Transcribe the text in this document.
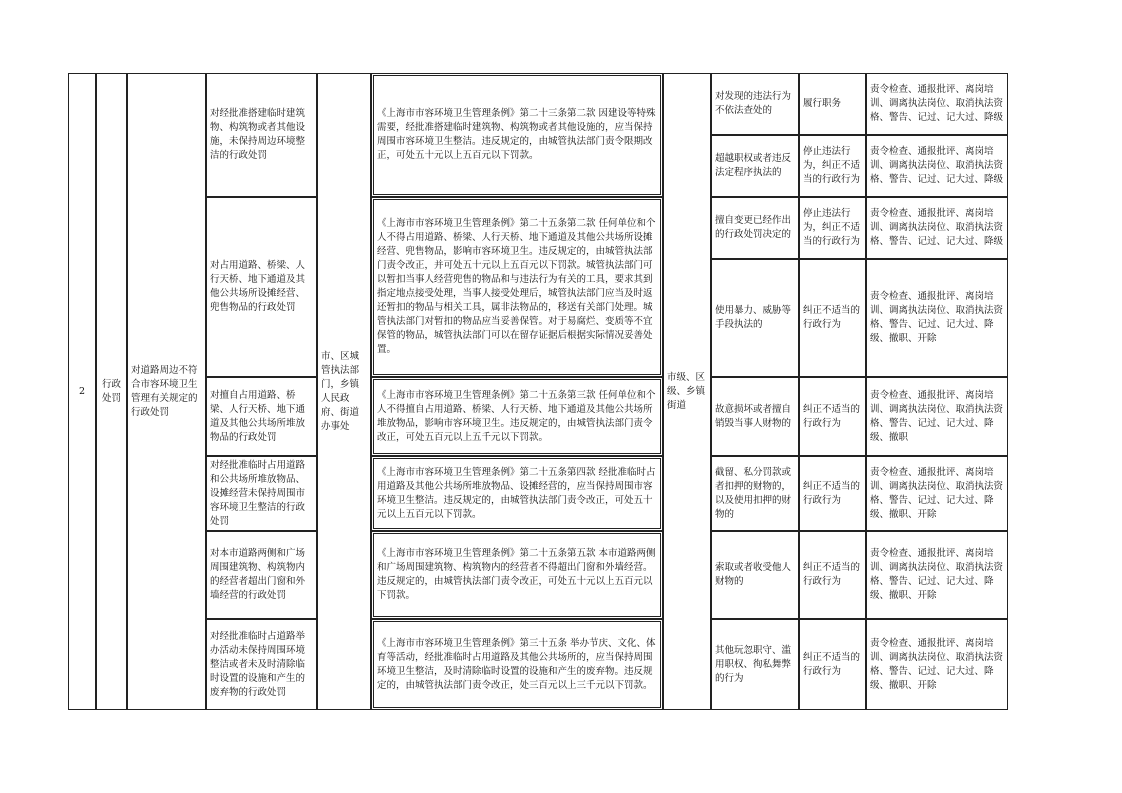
2
行政处罚
对道路周边不符合市容环境卫生管理有关规定的行政处罚
对经批准搭建临时建筑物、构筑物或者其他设施，未保持周边环境整洁的行政处罚
对占用道路、桥梁、人行天桥、地下通道及其他公共场所设摊经营、兜售物品的行政处罚
对擅自占用道路、桥梁、人行天桥、地下通道及其他公共场所堆放物品的行政处罚
对经批准临时占用道路和公共场所堆放物品、设摊经营未保持周围市容环境卫生整洁的行政处罚
对本市道路两侧和广场周围建筑物、构筑物内的经营者超出门窗和外墙经营的行政处罚
对经批准临时占道路举办活动未保持周围环境整洁或者未及时清除临时设置的设施和产生的废弃物的行政处罚
市、区城管执法部门，乡镇人民政府、街道办事处
《上海市市容环境卫生管理条例》第二十三条第二款 因建设等特殊需要，经批准搭建临时建筑物、构筑物或者其他设施的，应当保持周围市容环境卫生整洁。违反规定的，由城管执法部门责令限期改正，可处五十元以上五百元以下罚款。
《上海市市容环境卫生管理条例》第二十五条第二款 任何单位和个人不得占用道路、桥梁、人行天桥、地下通道及其他公共场所设摊经营、兜售物品，影响市容环境卫生。违反规定的，由城管执法部门责令改正，并可处五十元以上五百元以下罚款。城管执法部门可以暂扣当事人经营兜售的物品和与违法行为有关的工具，要求其到指定地点接受处理，当事人接受处理后，城管执法部门应当及时返还暂扣的物品与相关工具，属非法物品的，移送有关部门处理。城管执法部门对暂扣的物品应当妥善保管。对于易腐烂、变质等不宜保管的物品，城管执法部门可以在留存证据后根据实际情况妥善处置。
《上海市市容环境卫生管理条例》第二十五条第三款 任何单位和个人不得擅自占用道路、桥梁、人行天桥、地下通道及其他公共场所堆放物品，影响市容环境卫生。违反规定的，由城管执法部门责令改正，可处五百元以上五千元以下罚款。
《上海市市容环境卫生管理条例》第二十五条第四款 经批准临时占用道路及其他公共场所堆放物品、设摊经营的，应当保持周围市容环境卫生整洁。违反规定的，由城管执法部门责令改正，可处五十元以上五百元以下罚款。
《上海市市容环境卫生管理条例》第二十五条第五款 本市道路两侧和广场周围建筑物、构筑物内的经营者不得超出门窗和外墙经营。违反规定的，由城管执法部门责令改正，可处五十元以上五百元以下罚款。
《上海市市容环境卫生管理条例》第三十五条 举办节庆、文化、体育等活动，经批准临时占用道路及其他公共场所的，应当保持周围环境卫生整洁，及时清除临时设置的设施和产生的废弃物。违反规定的，由城管执法部门责令改正，处三百元以上三千元以下罚款。
市级、区级、乡镇街道
对发现的违法行为不依法查处的
履行职务
责令检查、通报批评、离岗培训、调离执法岗位、取消执法资格、警告、记过、记大过、降级
超越职权或者违反法定程序执法的
停止违法行为，纠正不适当的行政行为
责令检查、通报批评、离岗培训、调离执法岗位、取消执法资格、警告、记过、记大过、降级
擅自变更已经作出的行政处罚决定的
停止违法行为，纠正不适当的行政行为
责令检查、通报批评、离岗培训、调离执法岗位、取消执法资格、警告、记过、记大过、降级
使用暴力、威胁等手段执法的
纠正不适当的行政行为
责令检查、通报批评、离岗培训、调离执法岗位、取消执法资格、警告、记过、记大过、降级、撤职、开除
故意损坏或者擅自销毁当事人财物的
纠正不适当的行政行为
责令检查、通报批评、离岗培训、调离执法岗位、取消执法资格、警告、记过、记大过、降级、撤职
截留、私分罚款或者扣押的财物的，以及使用扣押的财物的
纠正不适当的行政行为
责令检查、通报批评、离岗培训、调离执法岗位、取消执法资格、警告、记过、记大过、降级、撤职、开除
索取或者收受他人财物的
纠正不适当的行政行为
责令检查、通报批评、离岗培训、调离执法岗位、取消执法资格、警告、记过、记大过、降级、撤职、开除
其他玩忽职守、滥用职权、徇私舞弊的行为
纠正不适当的行政行为
责令检查、通报批评、离岗培训、调离执法岗位、取消执法资格、警告、记过、记大过、降级、撤职、开除
